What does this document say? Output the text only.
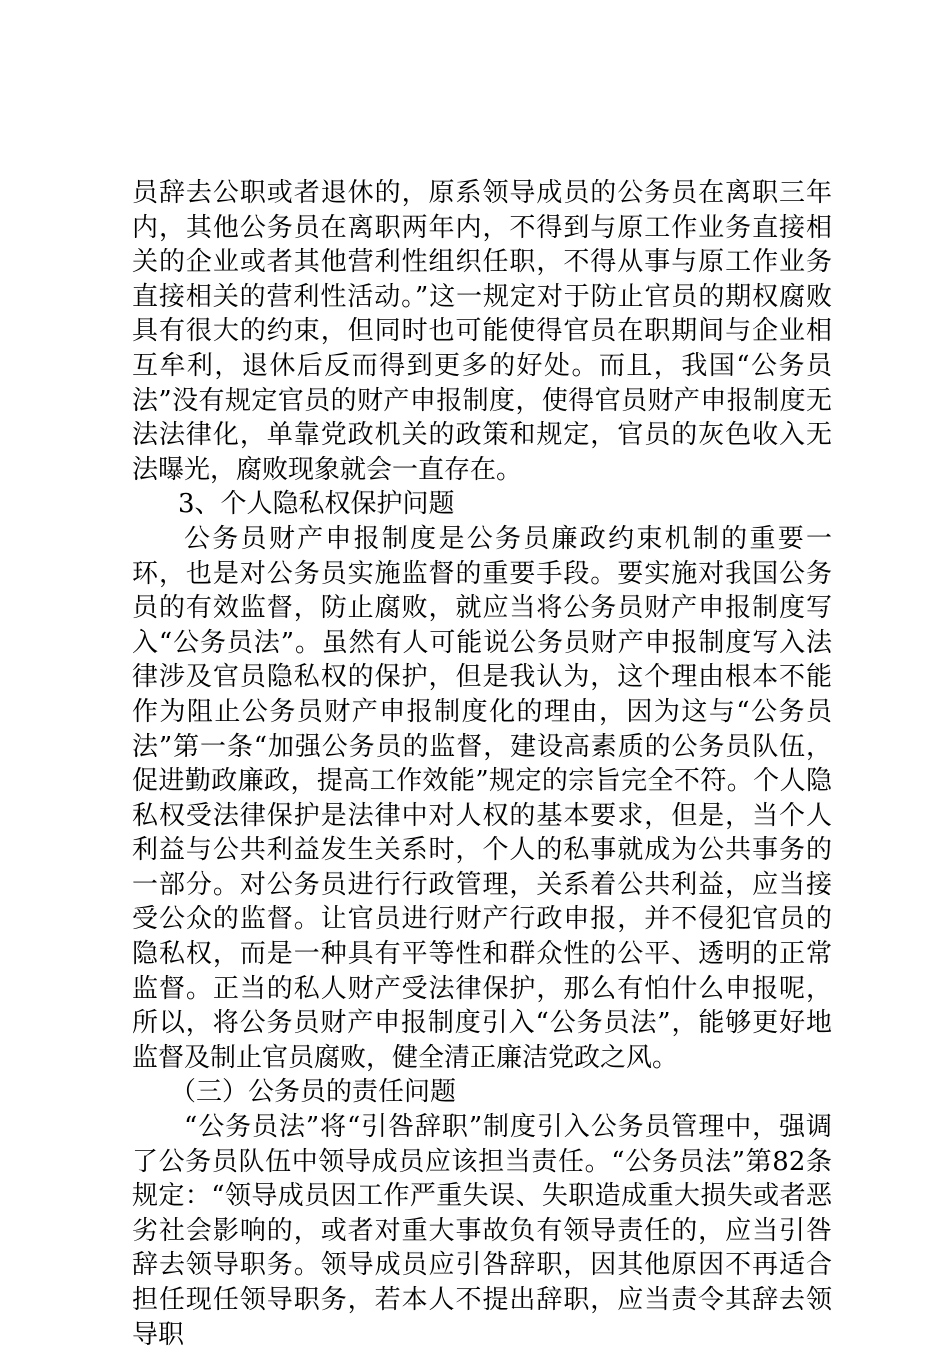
员辞去公职或者退休的，原系领导成员的公务员在离职三年内，其他公务员在离职两年内，不得到与原工作业务直接相关的企业或者其他营利性组织任职，不得从事与原工作业务直接相关的营利性活动。”这一规定对于防止官员的期权腐败具有很大的约束，但同时也可能使得官员在职期间与企业相互牟利，退休后反而得到更多的好处。而且，我国“公务员法”没有规定官员的财产申报制度，使得官员财产申报制度无法法律化，单靠党政机关的政策和规定，官员的灰色收入无法曝光，腐败现象就会一直存在。

3、个人隐私权保护问题

公务员财产申报制度是公务员廉政约束机制的重要一环，也是对公务员实施监督的重要手段。要实施对我国公务员的有效监督，防止腐败，就应当将公务员财产申报制度写入“公务员法”。虽然有人可能说公务员财产申报制度写入法律涉及官员隐私权的保护，但是我认为，这个理由根本不能作为阻止公务员财产申报制度化的理由，因为这与“公务员法”第一条“加强公务员的监督，建设高素质的公务员队伍，促进勤政廉政，提高工作效能”规定的宗旨完全不符。个人隐私权受法律保护是法律中对人权的基本要求，但是，当个人利益与公共利益发生关系时，个人的私事就成为公共事务的一部分。对公务员进行行政管理，关系着公共利益，应当接受公众的监督。让官员进行财产行政申报，并不侵犯官员的隐私权，而是一种具有平等性和群众性的公平、透明的正常监督。正当的私人财产受法律保护，那么有怕什么申报呢，所以，将公务员财产申报制度引入“公务员法”，能够更好地监督及制止官员腐败，健全清正廉洁党政之风。

（三）公务员的责任问题

“公务员法”将“引咎辞职”制度引入公务员管理中，强调了公务员队伍中领导成员应该担当责任。“公务员法”第82条规定：“领导成员因工作严重失误、失职造成重大损失或者恶劣社会影响的，或者对重大事故负有领导责任的，应当引咎辞去领导职务。领导成员应引咎辞职，因其他原因不再适合担任现任领导职务，若本人不提出辞职，应当责令其辞去领导职
